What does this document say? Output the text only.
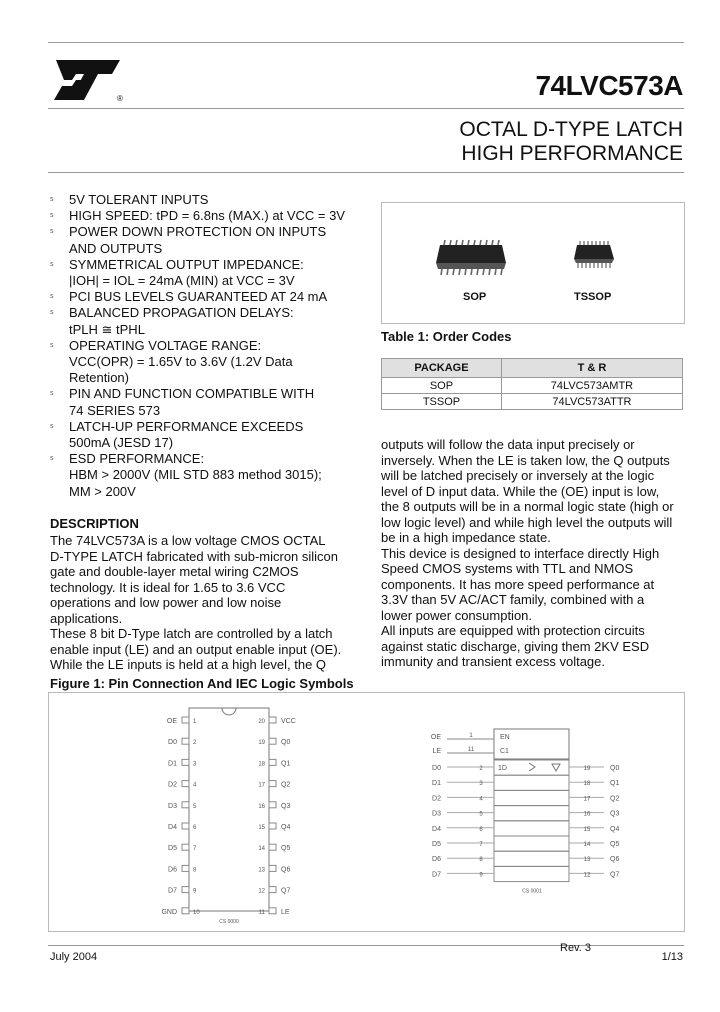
®	74LVC573A
OCTAL D-TYPE LATCH
HIGH PERFORMANCE
s 5V TOLERANT INPUTS
s HIGH SPEED: tPD = 6.8ns (MAX.) at VCC = 3V
s POWER DOWN PROTECTION ON INPUTS
AND OUTPUTS
s SYMMETRICAL OUTPUT IMPEDANCE:
|IOH| = IOL = 24mA (MIN) at VCC = 3V
s PCI BUS LEVELS GUARANTEED AT 24 mA
s BALANCED PROPAGATION DELAYS:
tPLH ≅ tPHL
s OPERATING VOLTAGE RANGE:
VCC(OPR) = 1.65V to 3.6V (1.2V Data
Retention)
s PIN AND FUNCTION COMPATIBLE WITH
74 SERIES 573
s LATCH-UP PERFORMANCE EXCEEDS
500mA (JESD 17)
s ESD PERFORMANCE:
HBM > 2000V (MIL STD 883 method 3015);
MM > 200V
SOP	TSSOP
Table 1: Order Codes
PACKAGE	T & R
SOP	74LVC573AMTR
TSSOP	74LVC573ATTR
DESCRIPTION
The 74LVC573A is a low voltage CMOS OCTAL
D-TYPE LATCH fabricated with sub-micron silicon
gate and double-layer metal wiring C2MOS
technology. It is ideal for 1.65 to 3.6 VCC
operations and low power and low noise
applications.
These 8 bit D-Type latch are controlled by a latch
enable input (LE) and an output enable input (OE).
While the LE inputs is held at a high level, the Q
outputs will follow the data input precisely or
inversely. When the LE is taken low, the Q outputs
will be latched precisely or inversely at the logic
level of D input data. While the (OE) input is low,
the 8 outputs will be in a normal logic state (high or
low logic level) and while high level the outputs will
be in a high impedance state.
This device is designed to interface directly High
Speed CMOS systems with TTL and NMOS
components. It has more speed performance at
3.3V than 5V AC/ACT family, combined with a
lower power consumption.
All inputs are equipped with protection circuits
against static discharge, giving them 2KV ESD
immunity and transient excess voltage.
Figure 1: Pin Connection And IEC Logic Symbols
1
OE
2
D0
3
D1
4
D2
5
D3
6
D4
7
D5
8
D6
9
D7
10
GND
20 VCC
19 Q0
18 Q1
17 Q2
16 Q3
15 Q4
14 Q5
13 Q6
12 Q7
11 LE
CS 0000
EN
C1
OE
LE
1
11
D0	2	19	Q0
D1	3	18	Q1
D2	4	17	Q2
D3	5	16	Q3
D4	6	15	Q4
D5	7	14	Q5
D6	8	13	Q6
D7	9	12	Q7
1D
CS 0001
July 2004
Rev. 3
1/13
